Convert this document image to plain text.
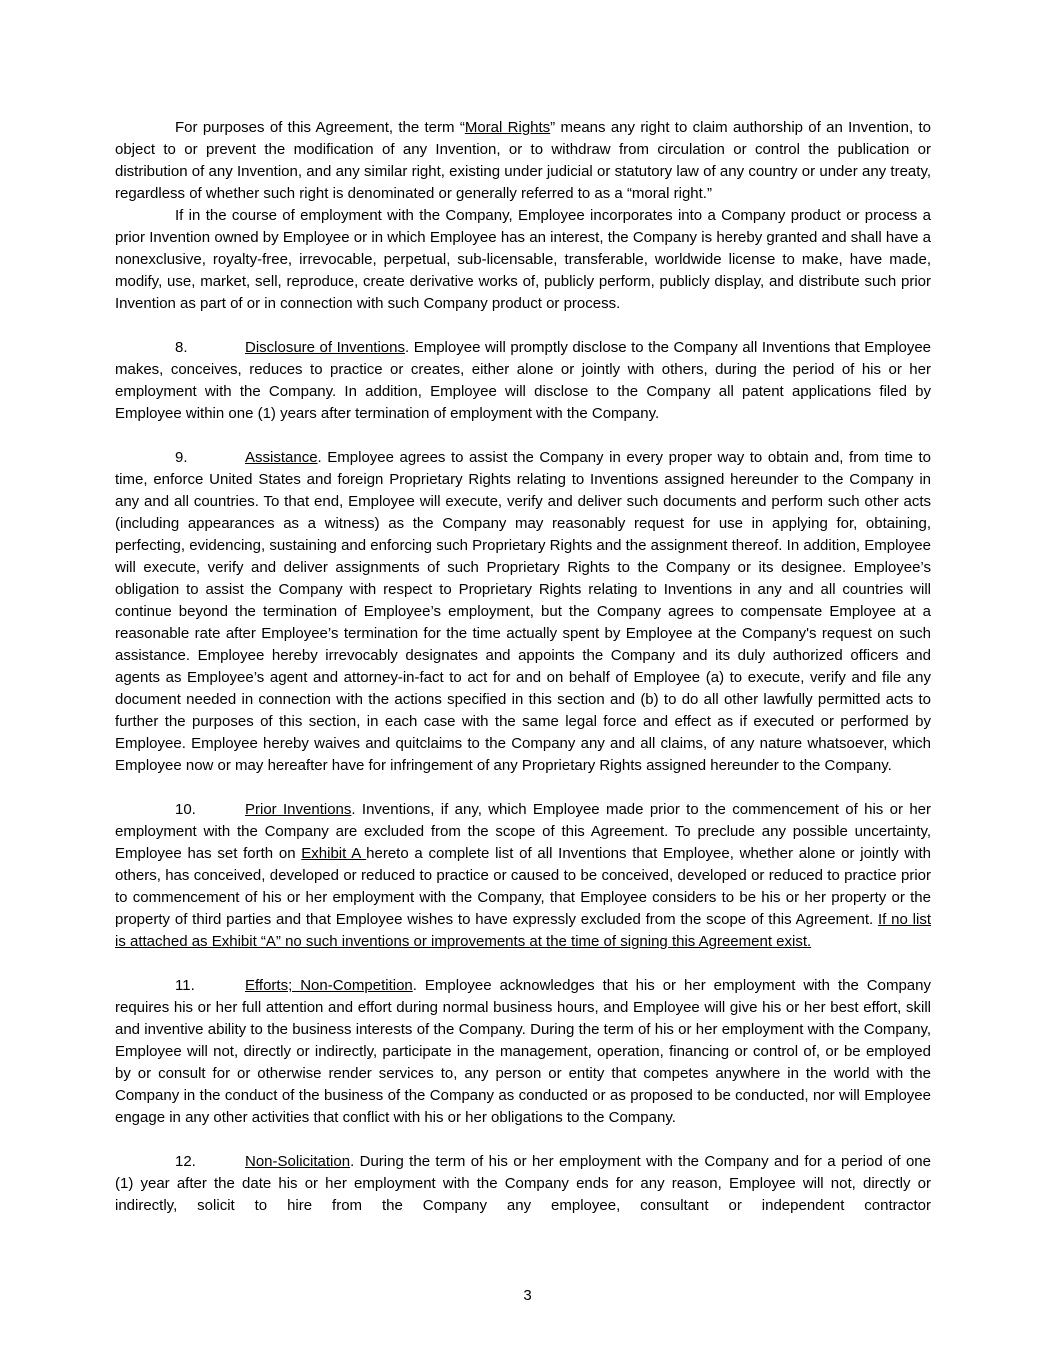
For purposes of this Agreement, the term “Moral Rights” means any right to claim authorship of an Invention, to object to or prevent the modification of any Invention, or to withdraw from circulation or control the publication or distribution of any Invention, and any similar right, existing under judicial or statutory law of any country or under any treaty, regardless of whether such right is denominated or generally referred to as a “moral right.”

If in the course of employment with the Company, Employee incorporates into a Company product or process a prior Invention owned by Employee or in which Employee has an interest, the Company is hereby granted and shall have a nonexclusive, royalty-free, irrevocable, perpetual, sub-licensable, transferable, worldwide license to make, have made, modify, use, market, sell, reproduce, create derivative works of, publicly perform, publicly display, and distribute such prior Invention as part of or in connection with such Company product or process.

8.	Disclosure of Inventions. Employee will promptly disclose to the Company all Inventions that Employee makes, conceives, reduces to practice or creates, either alone or jointly with others, during the period of his or her employment with the Company. In addition, Employee will disclose to the Company all patent applications filed by Employee within one (1) years after termination of employment with the Company.

9.	Assistance. Employee agrees to assist the Company in every proper way to obtain and, from time to time, enforce United States and foreign Proprietary Rights relating to Inventions assigned hereunder to the Company in any and all countries. To that end, Employee will execute, verify and deliver such documents and perform such other acts (including appearances as a witness) as the Company may reasonably request for use in applying for, obtaining, perfecting, evidencing, sustaining and enforcing such Proprietary Rights and the assignment thereof. In addition, Employee will execute, verify and deliver assignments of such Proprietary Rights to the Company or its designee. Employee’s obligation to assist the Company with respect to Proprietary Rights relating to Inventions in any and all countries will continue beyond the termination of Employee’s employment, but the Company agrees to compensate Employee at a reasonable rate after Employee’s termination for the time actually spent by Employee at the Company's request on such assistance. Employee hereby irrevocably designates and appoints the Company and its duly authorized officers and agents as Employee’s agent and attorney-in-fact to act for and on behalf of Employee (a) to execute, verify and file any document needed in connection with the actions specified in this section and (b) to do all other lawfully permitted acts to further the purposes of this section, in each case with the same legal force and effect as if executed or performed by Employee. Employee hereby waives and quitclaims to the Company any and all claims, of any nature whatsoever, which Employee now or may hereafter have for infringement of any Proprietary Rights assigned hereunder to the Company.

10.	Prior Inventions. Inventions, if any, which Employee made prior to the commencement of his or her employment with the Company are excluded from the scope of this Agreement. To preclude any possible uncertainty, Employee has set forth on Exhibit A hereto a complete list of all Inventions that Employee, whether alone or jointly with others, has conceived, developed or reduced to practice or caused to be conceived, developed or reduced to practice prior to commencement of his or her employment with the Company, that Employee considers to be his or her property or the property of third parties and that Employee wishes to have expressly excluded from the scope of this Agreement. If no list is attached as Exhibit “A” no such inventions or improvements at the time of signing this Agreement exist.

11.	Efforts; Non-Competition. Employee acknowledges that his or her employment with the Company requires his or her full attention and effort during normal business hours, and Employee will give his or her best effort, skill and inventive ability to the business interests of the Company. During the term of his or her employment with the Company, Employee will not, directly or indirectly, participate in the management, operation, financing or control of, or be employed by or consult for or otherwise render services to, any person or entity that competes anywhere in the world with the Company in the conduct of the business of the Company as conducted or as proposed to be conducted, nor will Employee engage in any other activities that conflict with his or her obligations to the Company.

12.	Non-Solicitation. During the term of his or her employment with the Company and for a period of one (1) year after the date his or her employment with the Company ends for any reason, Employee will not, directly or indirectly, solicit to hire from the Company any employee, consultant or independent contractor

3
